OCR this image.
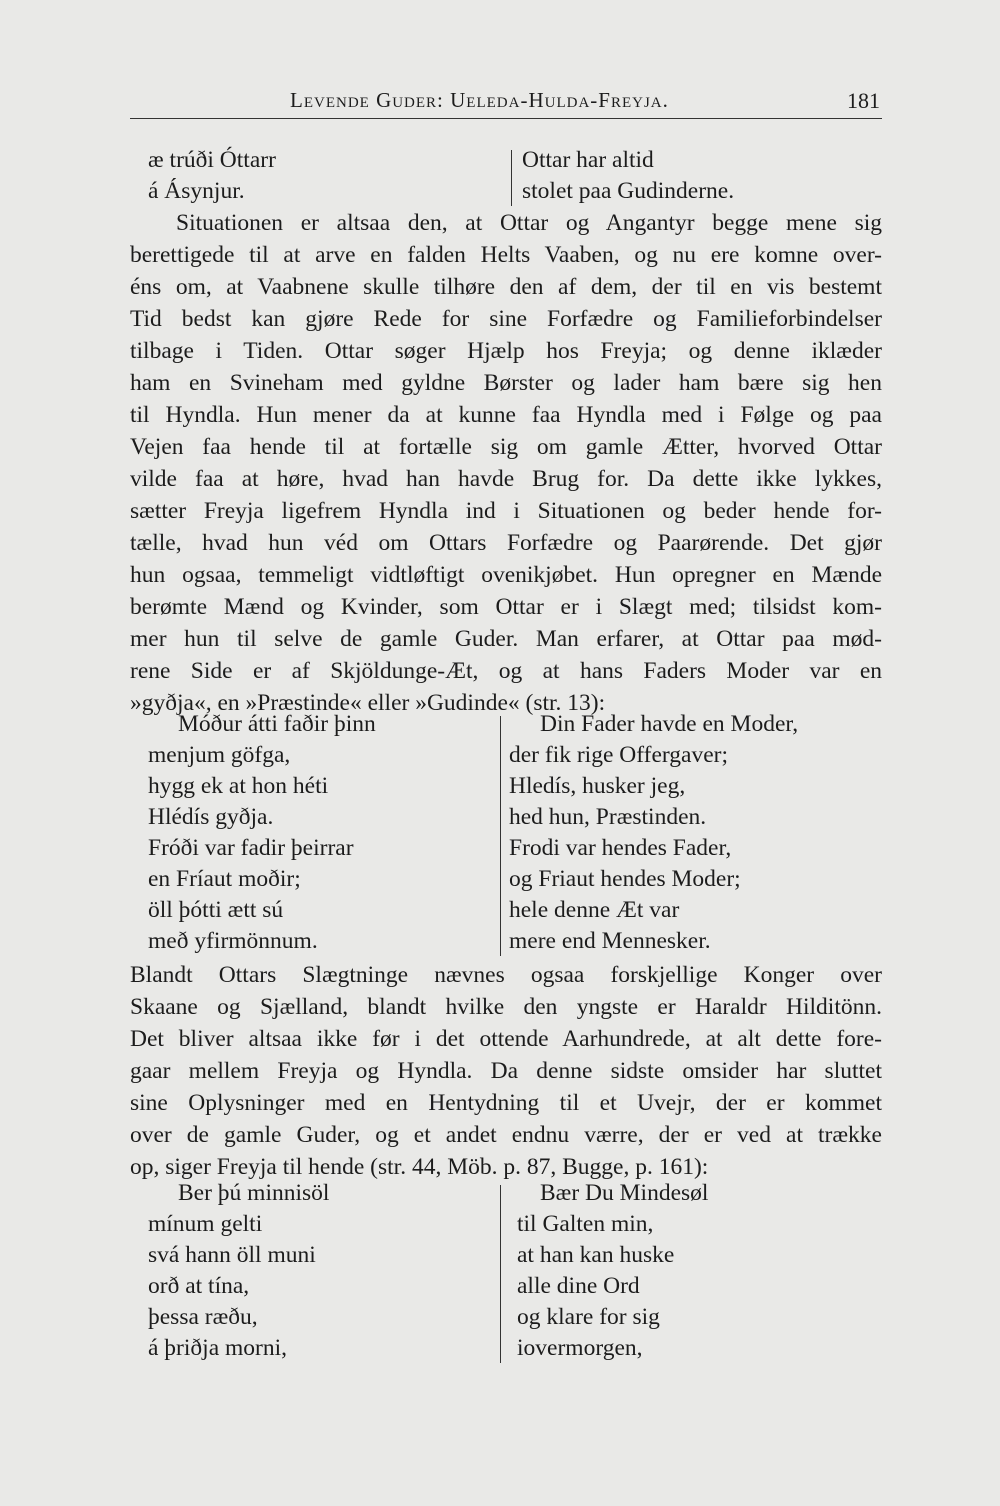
Levende Guder: Ueleda-Hulda-Freyja.	181
æ trúði Óttarr
á Ásynjur.
Ottar har altid
stolet paa Gudinderne.
Situationen er altsaa den, at Ottar og Angantyr begge mene sig
berettigede til at arve en falden Helts Vaaben, og nu ere komne over-
éns om, at Vaabnene skulle tilhøre den af dem, der til en vis bestemt
Tid bedst kan gjøre Rede for sine Forfædre og Familieforbindelser
tilbage i Tiden. Ottar søger Hjælp hos Freyja; og denne iklæder
ham en Svineham med gyldne Børster og lader ham bære sig hen
til Hyndla. Hun mener da at kunne faa Hyndla med i Følge og paa
Vejen faa hende til at fortælle sig om gamle Ætter, hvorved Ottar
vilde faa at høre, hvad han havde Brug for. Da dette ikke lykkes,
sætter Freyja ligefrem Hyndla ind i Situationen og beder hende for-
tælle, hvad hun véd om Ottars Forfædre og Paarørende. Det gjør
hun ogsaa, temmeligt vidtløftigt ovenikjøbet. Hun opregner en Mænde
berømte Mænd og Kvinder, som Ottar er i Slægt med; tilsidst kom-
mer hun til selve de gamle Guder. Man erfarer, at Ottar paa mød-
rene Side er af Skjöldunge-Æt, og at hans Faders Moder var en
»gyðja«, en »Præstinde« eller »Gudinde« (str. 13):
Móður átti faðir þinn
menjum göfga,
hygg ek at hon héti
Hlédís gyðja.
Fróði var fadir þeirrar
en Fríaut moðir;
öll þótti ætt sú
með yfirmönnum.
Din Fader havde en Moder,
der fik rige Offergaver;
Hledís, husker jeg,
hed hun, Præstinden.
Frodi var hendes Fader,
og Friaut hendes Moder;
hele denne Æt var
mere end Mennesker.
Blandt Ottars Slægtninge nævnes ogsaa forskjellige Konger over
Skaane og Sjælland, blandt hvilke den yngste er Haraldr Hilditönn.
Det bliver altsaa ikke før i det ottende Aarhundrede, at alt dette fore-
gaar mellem Freyja og Hyndla. Da denne sidste omsider har sluttet
sine Oplysninger med en Hentydning til et Uvejr, der er kommet
over de gamle Guder, og et andet endnu værre, der er ved at trække
op, siger Freyja til hende (str. 44, Möb. p. 87, Bugge, p. 161):
Ber þú minnisöl
mínum gelti
svá hann öll muni
orð at tína,
þessa ræðu,
á þriðja morni,
Bær Du Mindesøl
til Galten min,
at han kan huske
alle dine Ord
og klare for sig
iovermorgen,
